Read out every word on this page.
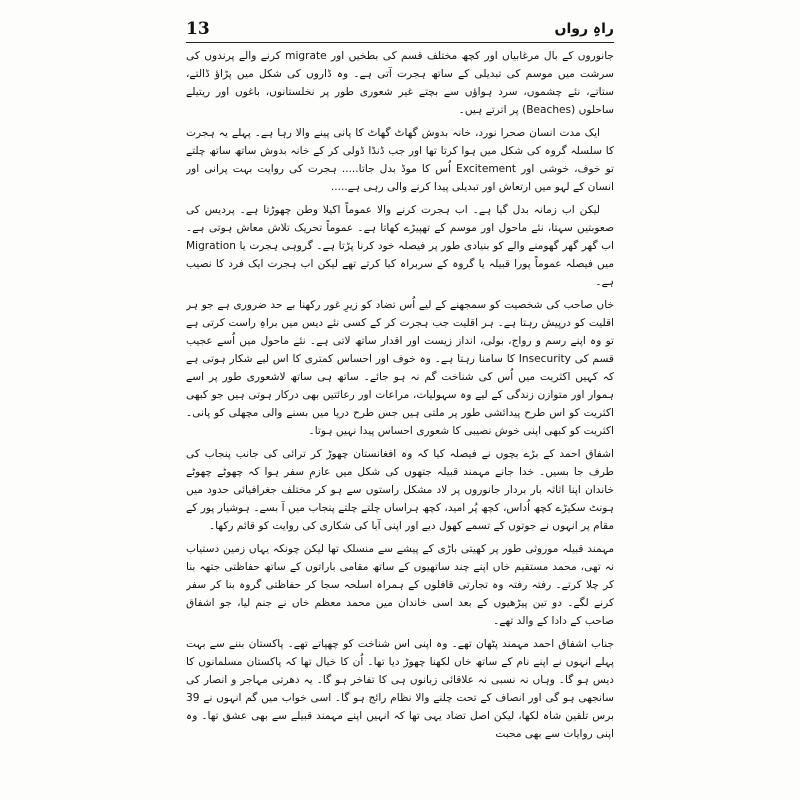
13	راہِ رواں

جانوروں کے بال مرغابیاں اور کچھ مختلف قسم کی بطخیں اور migrate کرنے والے پرندوں کی سرشت میں موسم کی تبدیلی کے ساتھ ہجرت آتی ہے۔ وہ ڈاروں کی شکل میں پڑاؤ ڈالتے، ستاتے، نئے چشموں، سرد ہواؤں سے بچتے غیر شعوری طور پر نخلستانوں، باغوں اور ریتیلے ساحلوں (Beaches) پر اترتے ہیں۔

ایک مدت انسان صحرا نورد، خانہ بدوش گھاٹ گھاٹ کا پانی پینے والا رہا ہے۔ پہلے یہ ہجرت کا سلسلہ گروہ کی شکل میں ہوا کرتا تھا اور جب ڈنڈا ڈولی کر کے خانہ بدوش ساتھ ساتھ چلتے تو خوف، خوشی اور Excitement اُس کا موڈ بدل جاتا..... ہجرت کی روایت بہت پرانی اور انسان کے لہو میں ارتعاش اور تبدیلی پیدا کرنے والی رہی ہے.....

لیکن اب زمانہ بدل گیا ہے۔ اب ہجرت کرنے والا عموماً اکیلا وطن چھوڑتا ہے۔ پردیس کی صعوبتیں سہتا، نئے ماحول اور موسم کے تھپیڑے کھاتا ہے۔ عموماً تحریک تلاش معاش ہوتی ہے۔ اب گھر گھر گھومنے والے کو بنیادی طور پر فیصلہ خود کرنا پڑتا ہے۔ گروہی ہجرت یا Migration میں فیصلہ عموماً پورا قبیلہ یا گروہ کے سربراہ کیا کرتے تھے لیکن اب ہجرت ایک فرد کا نصیب ہے۔

خاں صاحب کی شخصیت کو سمجھنے کے لیے اُس تضاد کو زیرِ غور رکھنا بے حد ضروری ہے جو ہر اقلیت کو درپیش رہتا ہے۔ ہر اقلیت جب ہجرت کر کے کسی نئے دیس میں براہِ راست کرتی ہے تو وہ اپنے رسم و رواج، بولی، انداز زیست اور اقدار ساتھ لاتی ہے۔ نئے ماحول میں اُسے عجیب قسم کی Insecurity کا سامنا رہتا ہے۔ وہ خوف اور احساس کمتری کا اس لیے شکار ہوتی ہے کہ کہیں اکثریت میں اُس کی شناخت گم نہ ہو جائے۔ ساتھ ہی ساتھ لاشعوری طور پر اسے ہموار اور متوازن زندگی کے لیے وہ سہولیات، مراعات اور رعائتیں بھی درکار ہوتی ہیں جو کبھی اکثریت کو اس طرح پیدائشی طور پر ملتی ہیں جس طرح دریا میں بسنے والی مچھلی کو پانی۔ اکثریت کو کبھی اپنی خوش نصیبی کا شعوری احساس پیدا نہیں ہوتا۔

اشفاق احمد کے بڑے بچوں نے فیصلہ کیا کہ وہ افغانستان چھوڑ کر ترائی کی جانب پنجاب کی طرف جا بسیں۔ خدا جانے مہمند قبیلہ جتھوں کی شکل میں عازمِ سفر ہوا کہ چھوٹے چھوٹے خاندان اپنا اثاثہ بار بردار جانوروں پر لاد مشکل راستوں سے ہو کر مختلف جغرافیائی حدود میں ہونٹ سکیڑے کچھ اُداس، کچھ پُر امید، کچھ ہراساں چلتے چلتے پنجاب میں آ بسے۔ ہوشیار پور کے مقام پر انہوں نے جوتوں کے تسمے کھول دیے اور اپنی آبا کی شکاری کی روایت کو قائم رکھا۔

مہمند قبیلہ موروثی طور پر کھیتی باڑی کے پیشے سے منسلک تھا لیکن چونکہ یہاں زمین دستیاب نہ تھی، محمد مستقیم خاں اپنے چند ساتھیوں کے ساتھ مقامی باراتوں کے ساتھ حفاظتی جتھہ بنا کر چلا کرتے۔ رفتہ رفتہ وہ تجارتی قافلوں کے ہمراہ اسلحہ سجا کر حفاظتی گروہ بنا کر سفر کرنے لگے۔ دو تین پیڑھیوں کے بعد اسی خاندان میں محمد معظم خاں نے جنم لیا، جو اشفاق صاحب کے دادا کے والد تھے۔

جناب اشفاق احمد مہمند پٹھان تھے۔ وہ اپنی اس شناخت کو چھپاتے تھے۔ پاکستان بننے سے بہت پہلے انہوں نے اپنے نام کے ساتھ خاں لکھنا چھوڑ دیا تھا۔ اُن کا خیال تھا کہ پاکستان مسلمانوں کا دیس ہو گا۔ وہاں نہ نسبی نہ علاقائی زبانوں ہی کا تفاخر ہو گا۔ یہ دھرتی مہاجر و انصار کی سانجھی ہو گی اور انصاف کے تحت چلنے والا نظام رائج ہو گا۔ اسی خواب میں گم انہوں نے 39 برس تلقین شاہ لکھا، لیکن اصل تضاد یہی تھا کہ انہیں اپنے مہمند قبیلے سے بھی عشق تھا۔ وہ اپنی روایات سے بھی محبت
